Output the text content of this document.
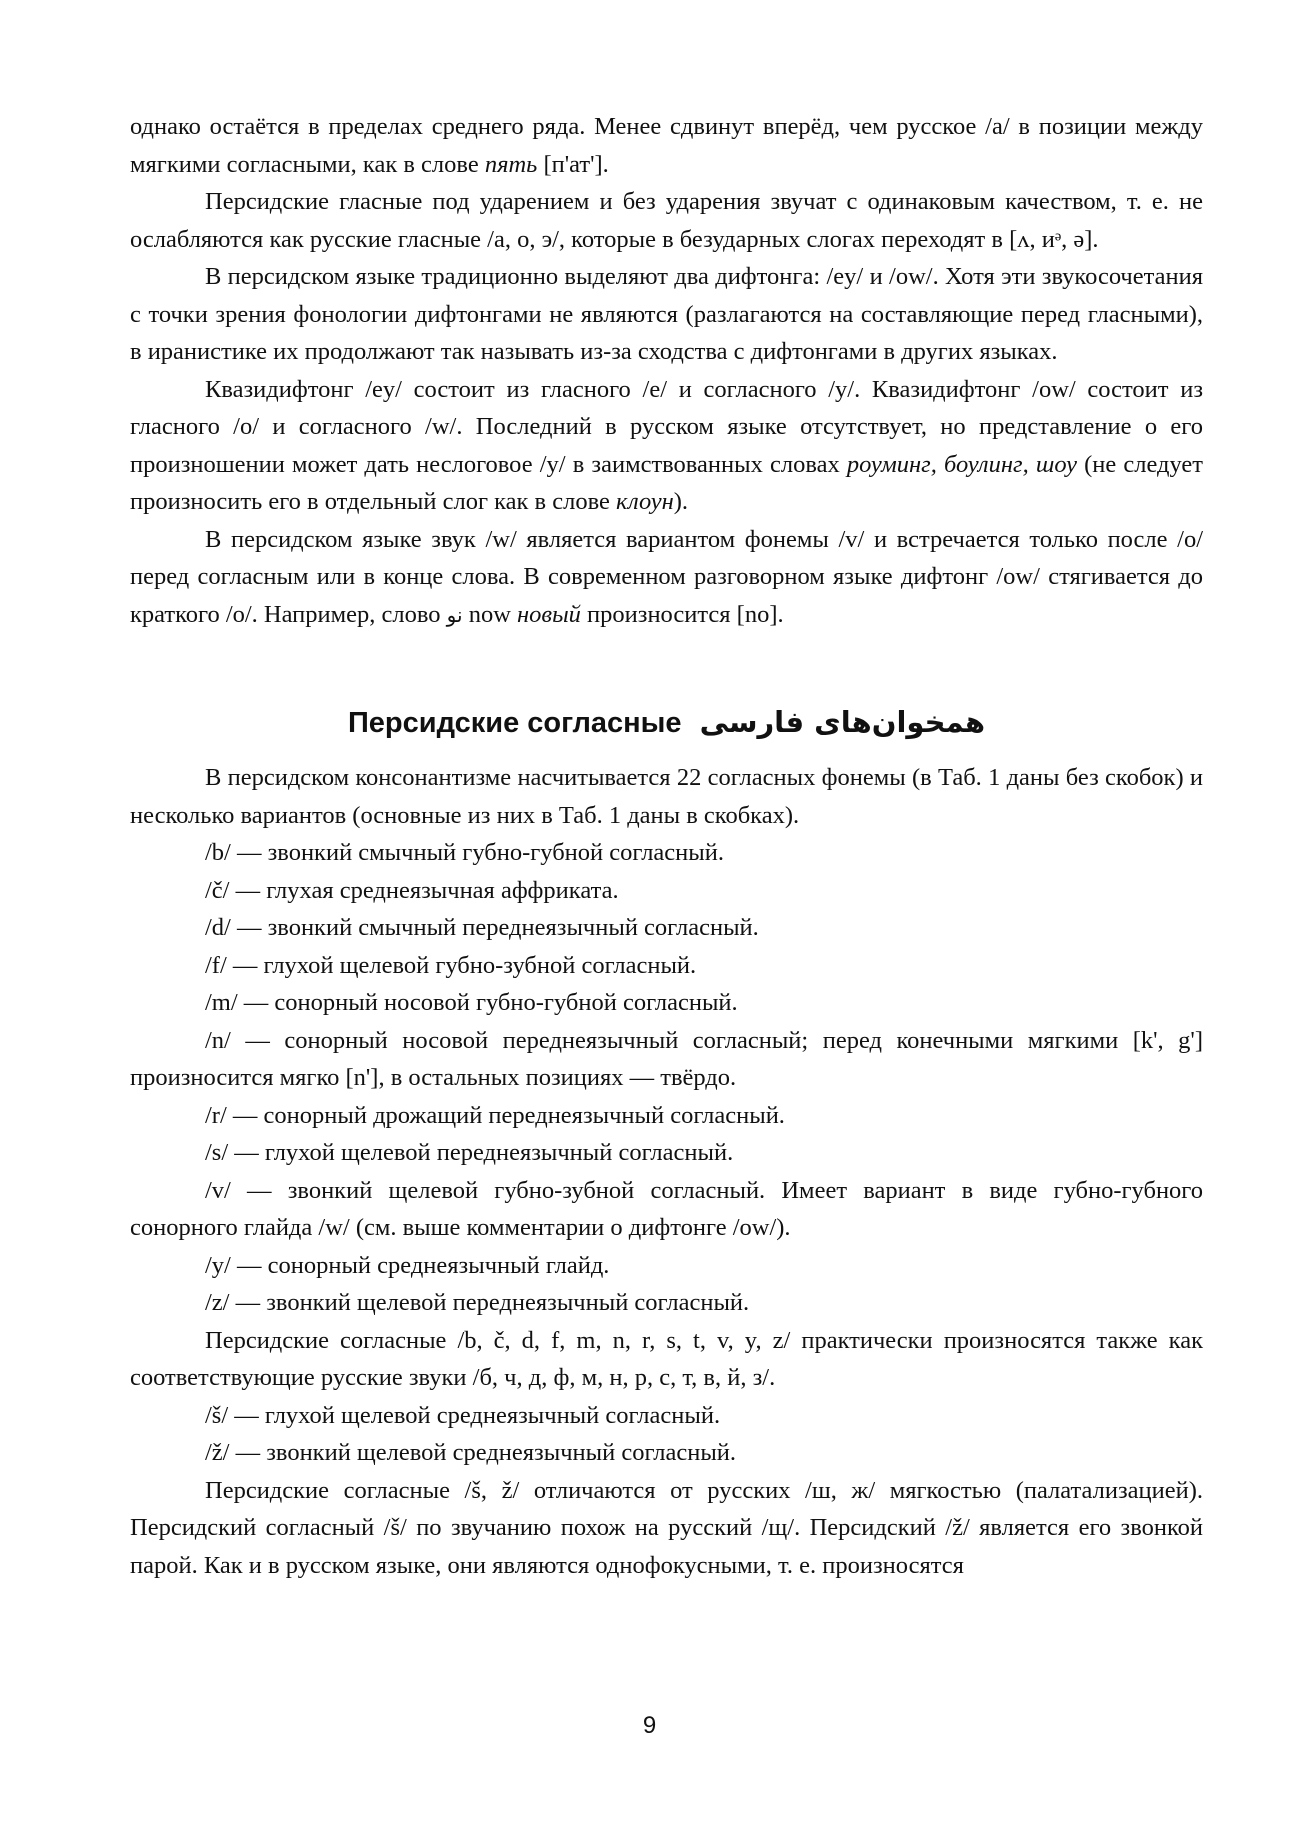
однако остаётся в пределах среднего ряда. Менее сдвинут вперёд, чем русское /а/ в позиции между мягкими согласными, как в слове пять [п'ат'].

Персидские гласные под ударением и без ударения звучат с одинаковым качеством, т. е. не ослабляются как русские гласные /а, о, э/, которые в безударных слогах переходят в [ʌ, иᵊ, ə].

В персидском языке традиционно выделяют два дифтонга: /ey/ и /ow/. Хотя эти звукосочетания с точки зрения фонологии дифтонгами не являются (разлагаются на составляющие перед гласными), в иранистике их продолжают так называть из-за сходства с дифтонгами в других языках.

Квазидифтонг /ey/ состоит из гласного /e/ и согласного /y/. Квазидифтонг /ow/ состоит из гласного /o/ и согласного /w/. Последний в русском языке отсутствует, но представление о его произношении может дать неслоговое /у/ в заимствованных словах роуминг, боулинг, шоу (не следует произносить его в отдельный слог как в слове клоун).

В персидском языке звук /w/ является вариантом фонемы /v/ и встречается только после /o/ перед согласным или в конце слова. В современном разговорном языке дифтонг /ow/ стягивается до краткого /o/. Например, слово نو now новый произносится [no].

Персидские согласные همخوان‌های فارسی

В персидском консонантизме насчитывается 22 согласных фонемы (в Таб. 1 даны без скобок) и несколько вариантов (основные из них в Таб. 1 даны в скобках).

/b/ — звонкий смычный губно-губной согласный.

/č/ — глухая среднеязычная аффриката.

/d/ — звонкий смычный переднеязычный согласный.

/f/ — глухой щелевой губно-зубной согласный.

/m/ — сонорный носовой губно-губной согласный.

/n/ — сонорный носовой переднеязычный согласный; перед конечными мягкими [k', g'] произносится мягко [n'], в остальных позициях — твёрдо.

/r/ — сонорный дрожащий переднеязычный согласный.

/s/ — глухой щелевой переднеязычный согласный.

/v/ — звонкий щелевой губно-зубной согласный. Имеет вариант в виде губно-губного сонорного глайда /w/ (см. выше комментарии о дифтонге /ow/).

/y/ — сонорный среднеязычный глайд.

/z/ — звонкий щелевой переднеязычный согласный.

Персидские согласные /b, č, d, f, m, n, r, s, t, v, y, z/ практически произносятся также как соответствующие русские звуки /б, ч, д, ф, м, н, р, с, т, в, й, з/.

/š/ — глухой щелевой среднеязычный согласный.

/ž/ — звонкий щелевой среднеязычный согласный.

Персидские согласные /š, ž/ отличаются от русских /ш, ж/ мягкостью (палатализацией). Персидский согласный /š/ по звучанию похож на русский /щ/. Персидский /ž/ является его звонкой парой. Как и в русском языке, они являются однофокусными, т. е. произносятся

9
